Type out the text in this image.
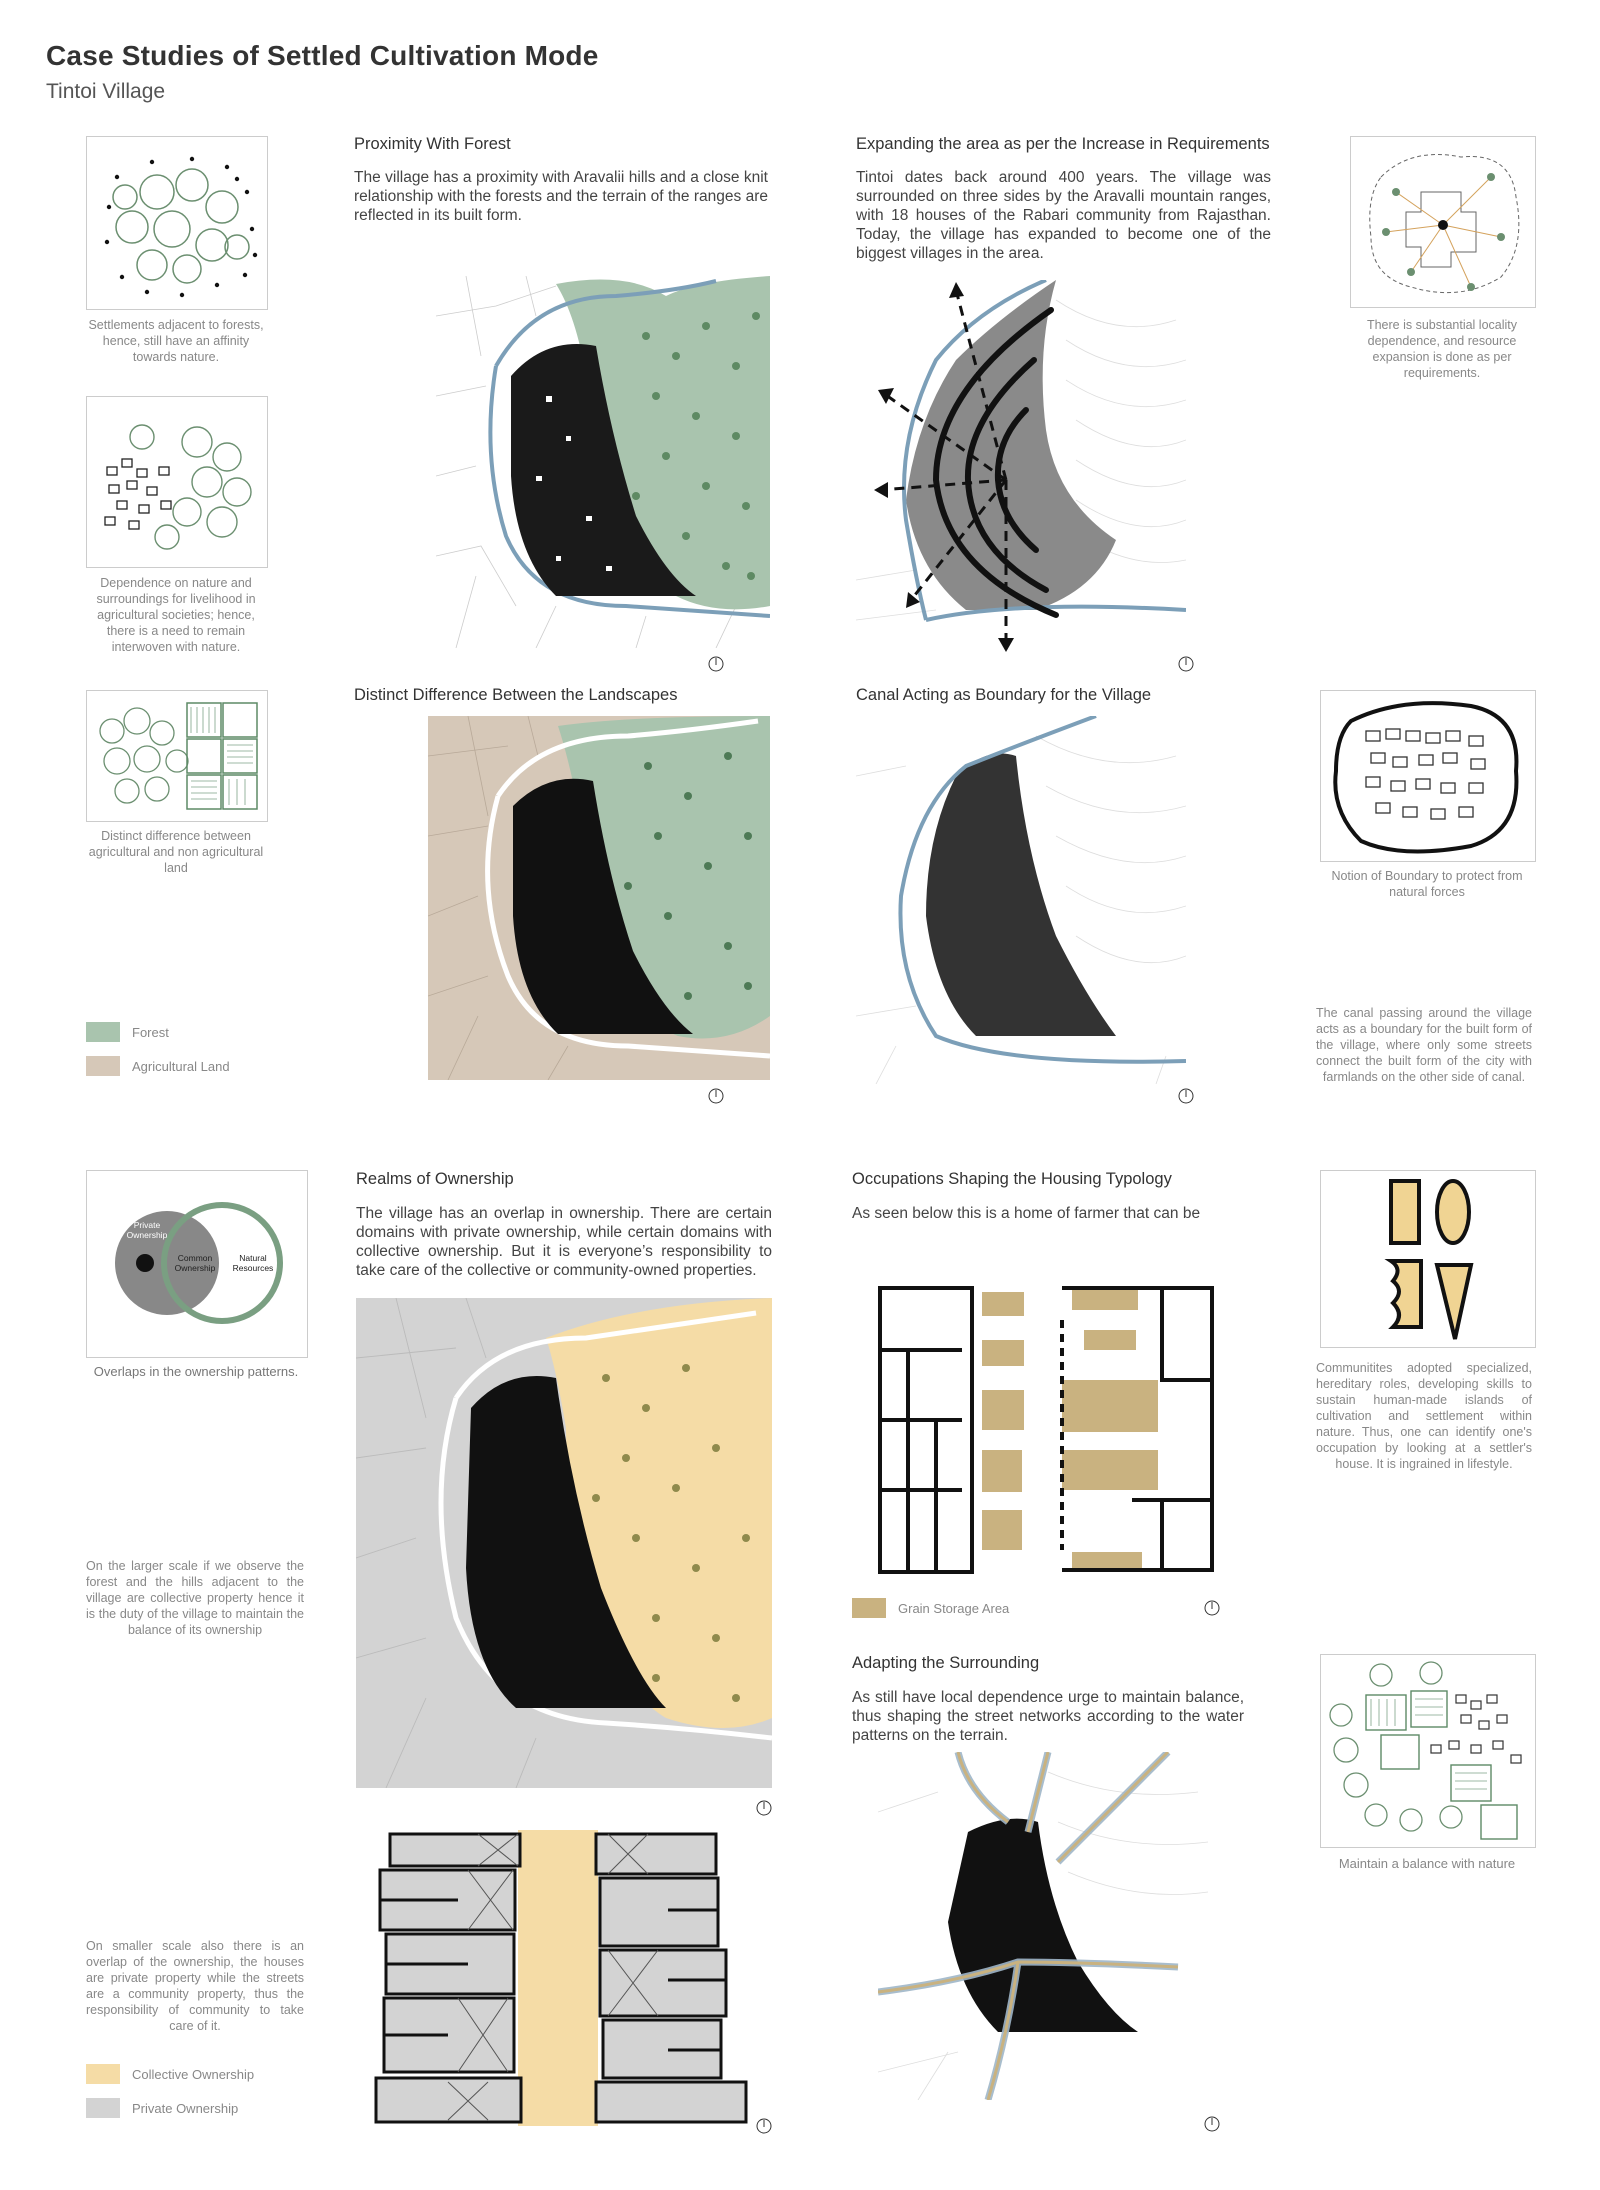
Case Studies of Settled Cultivation Mode
Tintoi Village
Settlements adjacent to forests, hence, still have an affinity towards nature.
Dependence on nature and surroundings for livelihood in agricultural societies; hence, there is a need to remain interwoven with nature.
Distinct difference between agricultural and non agricultural land
Forest
Agricultural Land
Proximity With Forest
The village has a proximity with Aravalii hills and a close knit relationship with the forests and the terrain of the ranges are reflected in its built form.
Expanding the area as per the Increase in Requirements
Tintoi dates back around 400 years. The village was surrounded on three sides by the Aravalli mountain ranges, with 18 houses of the Rabari community from Rajasthan. Today, the village has expanded to become one of the biggest villages in the area.
There is substantial locality dependence, and resource expansion is done as per requirements.
Distinct Difference Between the Landscapes	Canal Acting as Boundary for the Village
Notion of Boundary to protect from natural forces
The canal passing around the village acts as a boundary for the built form of the village, where only some streets connect the built form of the city with farmlands on the other side of canal.
Private Ownership
Common Ownership
Natural Resources
Overlaps in the ownership patterns.
On the larger scale if we observe the forest and the hills adjacent to the village are collective property hence it is the duty of the village to maintain the balance of its ownership
On smaller scale also there is an overlap of the ownership, the houses are private property while the streets are a community property, thus the responsibility of community to take care of it.
Collective Ownership
Private Ownership
Realms of Ownership
The village has an overlap in ownership. There are certain domains with private ownership, while certain domains with collective ownership. But it is everyone’s responsibility to take care of the collective or community-owned properties.
Occupations Shaping the Housing Typology
As seen below this is a home of farmer that can be
Grain Storage Area
Communitites adopted specialized, hereditary roles, developing skills to sustain human-made islands of cultivation and settlement within nature. Thus, one can identify one's occupation by looking at a settler's house. It is ingrained in lifestyle.
Adapting the Surrounding
As still have local dependence urge to maintain balance, thus shaping the street networks according to the water patterns on the terrain.
Maintain a balance with nature
